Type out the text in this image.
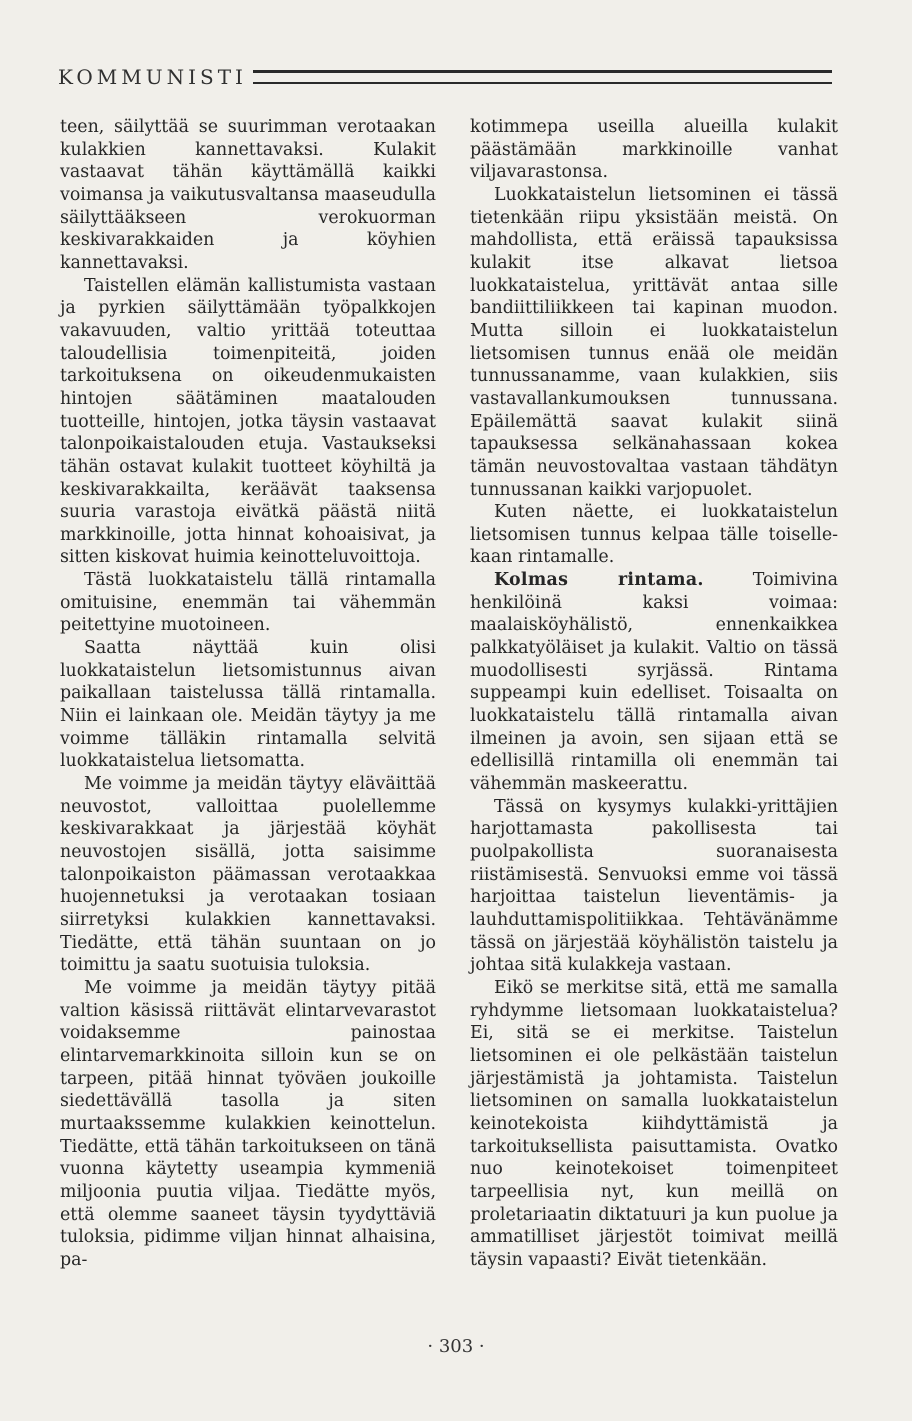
KOMMUNISTI

teen, säilyttää se suurimman verotaakan kulakkien kannettavaksi. Kulakit vastaavat tähän käyttämällä kaikki voimansa ja vaikutusvaltansa maaseudulla säilyttääkseen verokuorman keskivarakkaiden ja köyhien kannettavaksi.

Taistellen elämän kallistumista vastaan ja pyrkien säilyttämään työpalkkojen vakavuuden, valtio yrittää toteuttaa taloudellisia toimenpiteitä, joiden tarkoituksena on oikeudenmukaisten hintojen säätäminen maatalouden tuotteille, hintojen, jotka täysin vastaavat talonpoikaistalouden etuja. Vastaukseksi tähän ostavat kulakit tuotteet köyhiltä ja keskivarakkailta, keräävät taaksensa suuria varastoja eivätkä päästä niitä markkinoille, jotta hinnat kohoaisivat, ja sitten kiskovat huimia keinotteluvoittoja.

Tästä luokkataistelu tällä rintamalla omituisine, enemmän tai vähemmän peitettyine muotoineen.

Saatta näyttää kuin olisi luokkataistelun lietsomistunnus aivan paikallaan taistelussa tällä rintamalla. Niin ei lainkaan ole. Meidän täytyy ja me voimme tälläkin rintamalla selvitä luokkataistelua lietsomatta.

Me voimme ja meidän täytyy eläväittää neuvostot, valloittaa puolellemme keskivarakkaat ja järjestää köyhät neuvostojen sisällä, jotta saisimme talonpoikaiston päämassan verotaakkaa huojennetuksi ja verotaakan tosiaan siirretyksi kulakkien kannettavaksi. Tiedätte, että tähän suuntaan on jo toimittu ja saatu suotuisia tuloksia.

Me voimme ja meidän täytyy pitää valtion käsissä riittävät elintarvevarastot voidaksemme painostaa elintarvemarkkinoita silloin kun se on tarpeen, pitää hinnat työväen joukoille siedettävällä tasolla ja siten murtaakssemme kulakkien keinottelun. Tiedätte, että tähän tarkoitukseen on tänä vuonna käytetty useampia kymmeniä miljoonia puutia viljaa. Tiedätte myös, että olemme saaneet täysin tyydyttäviä tuloksia, pidimme viljan hinnat alhaisina, pa-

kotimmepa useilla alueilla kulakit päästämään markkinoille vanhat viljavarastonsa.

Luokkataistelun lietsominen ei tässä tietenkään riipu yksistään meistä. On mahdollista, että eräissä tapauksissa kulakit itse alkavat lietsoa luokkataistelua, yrittävät antaa sille bandiittiliikkeen tai kapinan muodon. Mutta silloin ei luokkataistelun lietsomisen tunnus enää ole meidän tunnussanamme, vaan kulakkien, siis vastavallankumouksen tunnussana. Epäilemättä saavat kulakit siinä tapauksessa selkänahassaan kokea tämän neuvostovaltaa vastaan tähdätyn tunnussanan kaikki varjopuolet.

Kuten näette, ei luokkataistelun lietsomisen tunnus kelpaa tälle toiselle-kaan rintamalle.

Kolmas rintama.	Toimivina henkilöinä kaksi voimaa: maalaisköyhälistö, ennenkaikkea palkkatyöläiset ja kulakit. Valtio on tässä muodollisesti syrjässä. Rintama suppeampi kuin edelliset. Toisaalta on luokkataistelu tällä rintamalla aivan ilmeinen ja avoin, sen sijaan että se edellisillä rintamilla oli enemmän tai vähemmän maskeerattu.

Tässä on kysymys kulakki-yrittäjien harjottamasta pakollisesta tai puolpakollista suoranaisesta riistämisestä. Senvuoksi emme voi tässä harjoittaa taistelun lieventämis- ja lauhduttamispolitiikkaa. Tehtävänämme tässä on järjestää köyhälistön taistelu ja johtaa sitä kulakkeja vastaan.

Eikö se merkitse sitä, että me samalla ryhdymme lietsomaan luokkataistelua? Ei, sitä se ei merkitse. Taistelun lietsominen ei ole pelkästään taistelun järjestämistä ja johtamista. Taistelun lietsominen on samalla luokkataistelun keinotekoista kiihdyttämistä ja tarkoituksellista paisuttamista. Ovatko nuo keinotekoiset toimenpiteet tarpeellisia nyt, kun meillä on proletariaatin diktatuuri ja kun puolue ja ammatilliset järjestöt toimivat meillä täysin vapaasti? Eivät tietenkään.

· 303 ·
